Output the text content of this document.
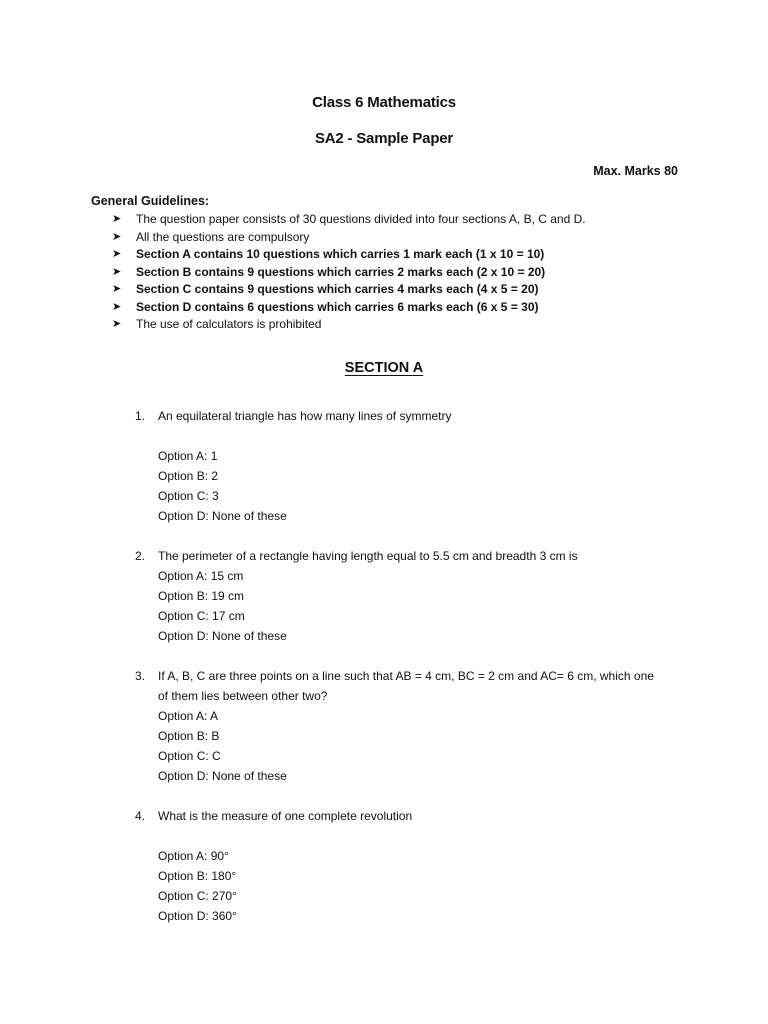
Class 6 Mathematics
SA2 - Sample Paper
Max. Marks 80
General Guidelines:
➤ The question paper consists of 30 questions divided into four sections A, B, C and D.
➤ All the questions are compulsory
➤ Section A contains 10 questions which carries 1 mark each (1 x 10 = 10)
➤ Section B contains 9 questions which carries 2 marks each (2 x 10 = 20)
➤ Section C contains 9 questions which carries 4 marks each (4 x 5 = 20)
➤ Section D contains 6 questions which carries 6 marks each (6 x 5 = 30)
➤ The use of calculators is prohibited
SECTION A
1. An equilateral triangle has how many lines of symmetry
Option A: 1
Option B: 2
Option C: 3
Option D: None of these
2. The perimeter of a rectangle having length equal to 5.5 cm and breadth 3 cm is
Option A: 15 cm
Option B: 19 cm
Option C: 17 cm
Option D: None of these
3. If A, B, C are three points on a line such that AB = 4 cm, BC = 2 cm and AC= 6 cm, which one
of them lies between other two?
Option A: A
Option B: B
Option C: C
Option D: None of these
4. What is the measure of one complete revolution
Option A: 90°
Option B: 180°
Option C: 270°
Option D: 360°
